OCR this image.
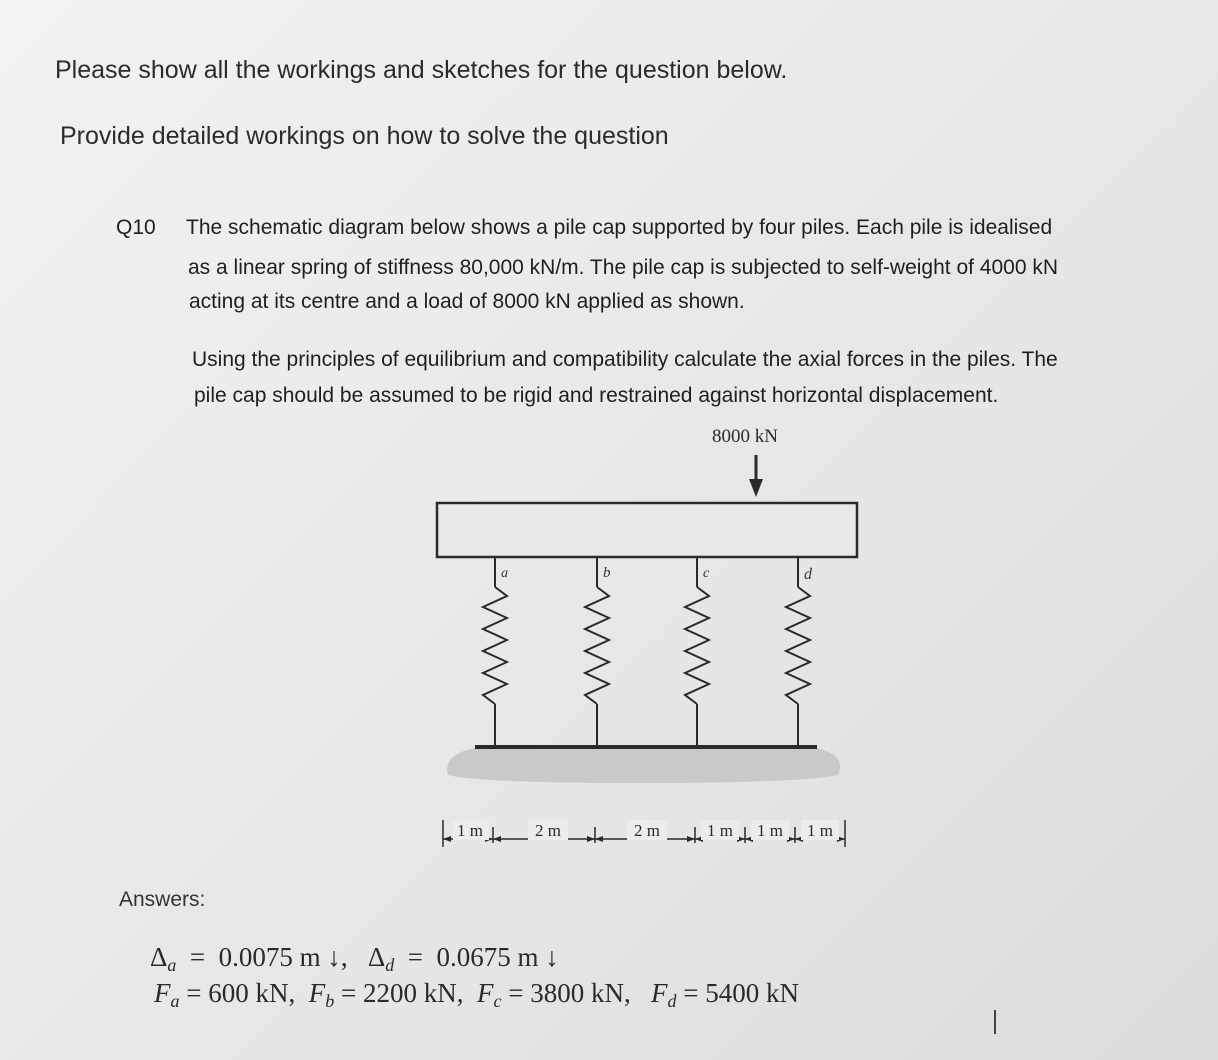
Please show all the workings and sketches for the question below.
Provide detailed workings on how to solve the question
Q10 The schematic diagram below shows a pile cap supported by four piles. Each pile is idealised
as a linear spring of stiffness 80,000 kN/m. The pile cap is subjected to self-weight of 4000 kN
acting at its centre and a load of 8000 kN applied as shown.
Using the principles of equilibrium and compatibility calculate the axial forces in the piles. The
pile cap should be assumed to be rigid and restrained against horizontal displacement.
8000 kN
a	b	c	d
1 m	2 m	2 m	1 m 1 m 1 m
Answers:
$\Delta_a = 0.0075$ m ↓, $\Delta_d = 0.0675$ m ↓
$F_a = 600$ kN, $F_b = 2200$ kN, $F_c = 3800$ kN, $F_d = 5400$ kN
